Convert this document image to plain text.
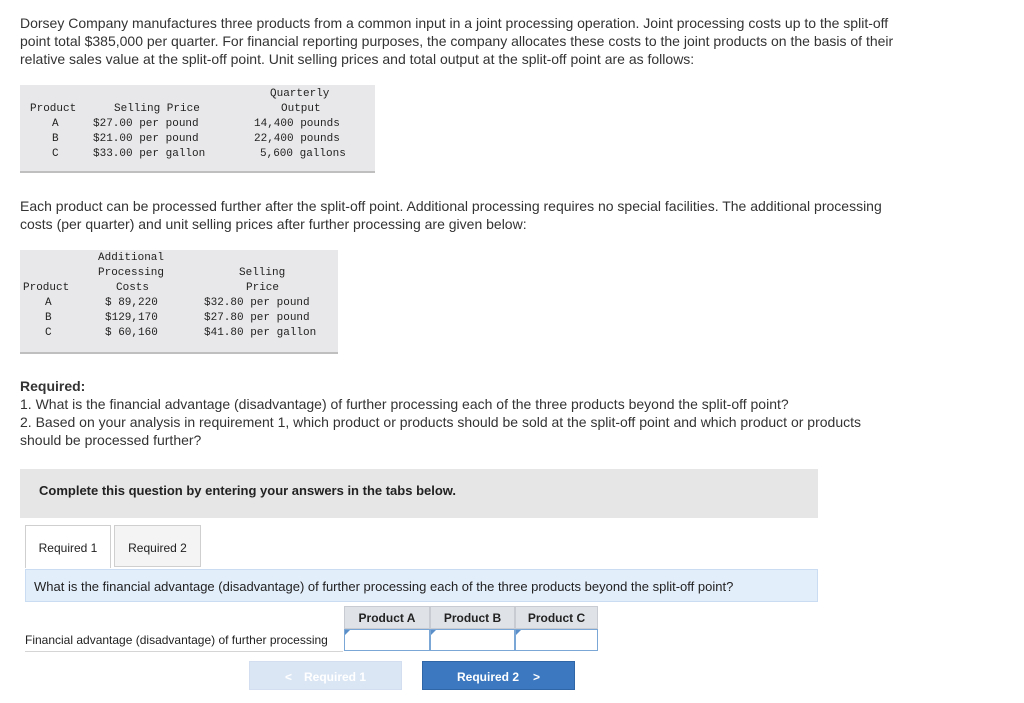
Dorsey Company manufactures three products from a common input in a joint processing operation. Joint processing costs up to the split-off point total $385,000 per quarter. For financial reporting purposes, the company allocates these costs to the joint products on the basis of their relative sales value at the split-off point. Unit selling prices and total output at the split-off point are as follows:

Quarterly
Output
Product	Selling Price
A	$27.00 per pound	14,400 pounds
B	$21.00 per pound	22,400 pounds
C	$33.00 per gallon	5,600 gallons

Each product can be processed further after the split-off point. Additional processing requires no special facilities. The additional processing costs (per quarter) and unit selling prices after further processing are given below:

Additional
Processing	Selling
Product	Costs	Price
A	$ 89,220	$32.80 per pound
B	$129,170	$27.80 per pound
C	$ 60,160	$41.80 per gallon

Required:

1. What is the financial advantage (disadvantage) of further processing each of the three products beyond the split-off point?

2. Based on your analysis in requirement 1, which product or products should be sold at the split-off point and which product or products should be processed further?

Complete this question by entering your answers in the tabs below.
Required 1	Required 2
What is the financial advantage (disadvantage) of further processing each of the three products beyond the split-off point?
Product A	Product B	Product C
Financial advantage (disadvantage) of further processing
< Required 1	Required 2 >
